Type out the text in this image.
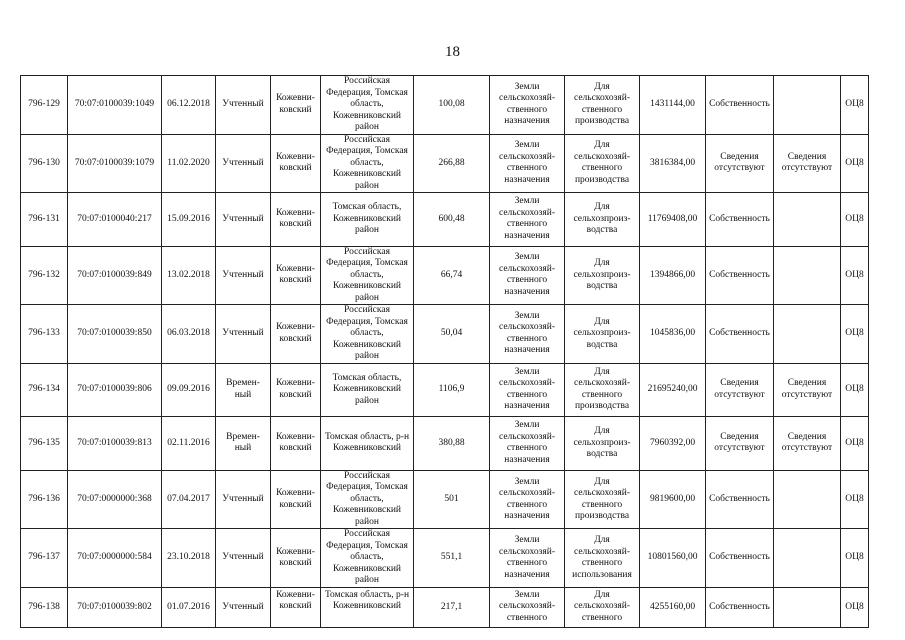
18
796-129	70:07:0100039:1049	06.12.2018	Учтенный	Кожевни-ковский	Российская Федерация, Томская область, Кожевниковский район	100,08	Земли сельскохозяй-ственного назначения	Для сельскохозяй-ственного производства	1431144,00	Собственность		ОЦ8
796-130	70:07:0100039:1079	11.02.2020	Учтенный	Кожевни-ковский	Российская Федерация, Томская область, Кожевниковский район	266,88	Земли сельскохозяй-ственного назначения	Для сельскохозяй-ственного производства	3816384,00	Сведения отсутствуют	Сведения отсутствуют	ОЦ8
796-131	70:07:0100040:217	15.09.2016	Учтенный	Кожевни-ковский	Томская область, Кожевниковский район	600,48	Земли сельскохозяй-ственного назначения	Для сельхозпроиз-водства	11769408,00	Собственность		ОЦ8
796-132	70:07:0100039:849	13.02.2018	Учтенный	Кожевни-ковский	Российская Федерация, Томская область, Кожевниковский район	66,74	Земли сельскохозяй-ственного назначения	Для сельхозпроиз-водства	1394866,00	Собственность		ОЦ8
796-133	70:07:0100039:850	06.03.2018	Учтенный	Кожевни-ковский	Российская Федерация, Томская область, Кожевниковский район	50,04	Земли сельскохозяй-ственного назначения	Для сельхозпроиз-водства	1045836,00	Собственность		ОЦ8
796-134	70:07:0100039:806	09.09.2016	Времен-ный	Кожевни-ковский	Томская область, Кожевниковский район	1106,9	Земли сельскохозяй-ственного назначения	Для сельскохозяй-ственного производства	21695240,00	Сведения отсутствуют	Сведения отсутствуют	ОЦ8
796-135	70:07:0100039:813	02.11.2016	Времен-ный	Кожевни-ковский	Томская область, р-н Кожевниковский	380,88	Земли сельскохозяй-ственного назначения	Для сельхозпроиз-водства	7960392,00	Сведения отсутствуют	Сведения отсутствуют	ОЦ8
796-136	70:07:0000000:368	07.04.2017	Учтенный	Кожевни-ковский	Российская Федерация, Томская область, Кожевниковский район	501	Земли сельскохозяй-ственного назначения	Для сельскохозяй-ственного производства	9819600,00	Собственность		ОЦ8
796-137	70:07:0000000:584	23.10.2018	Учтенный	Кожевни-ковский	Российская Федерация, Томская область, Кожевниковский район	551,1	Земли сельскохозяй-ственного назначения	Для сельскохозяй-ственного использования	10801560,00	Собственность		ОЦ8
796-138	70:07:0100039:802	01.07.2016	Учтенный	Кожевни-ковский	Томская область, р-н Кожевниковский	217,1	Земли сельскохозяй-ственного	Для сельскохозяй-ственного	4255160,00	Собственность		ОЦ8
